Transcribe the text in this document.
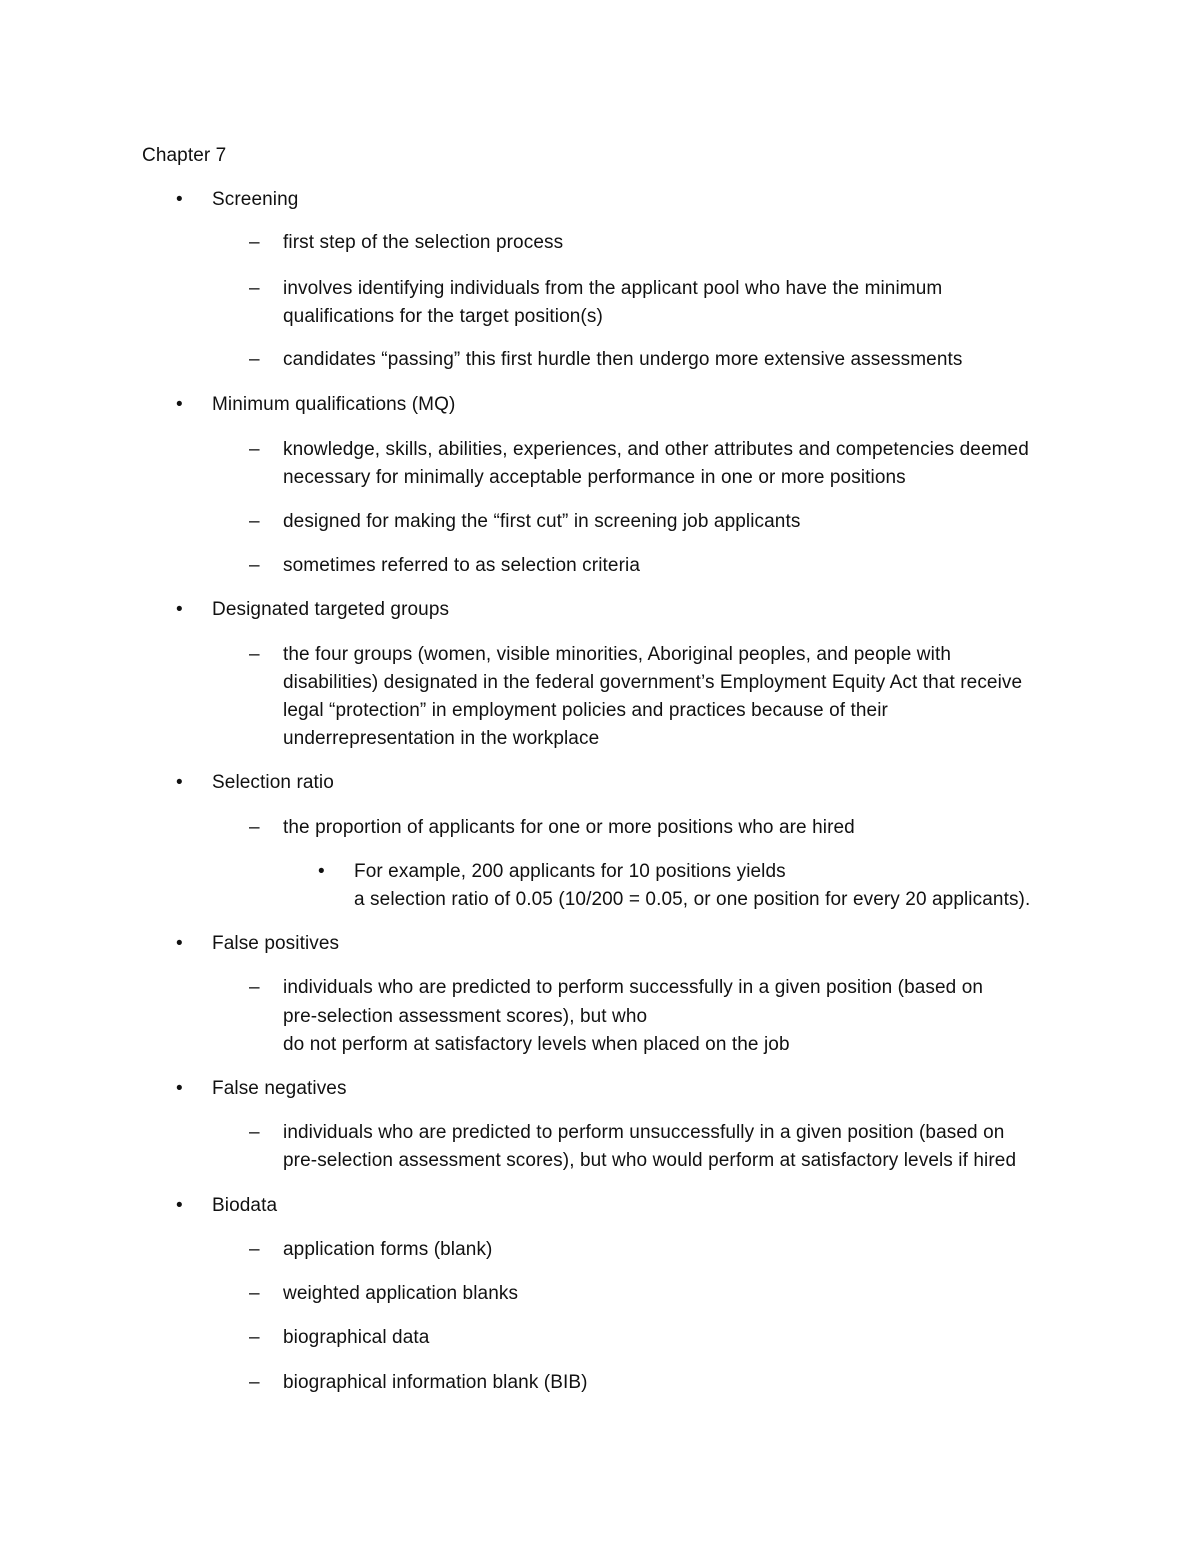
Chapter 7
• Screening
– first step of the selection process
– involves identifying individuals from the applicant pool who have the minimum
qualifications for the target position(s)
– candidates “passing” this first hurdle then undergo more extensive assessments
• Minimum qualifications (MQ)
– knowledge, skills, abilities, experiences, and other attributes and competencies deemed
necessary for minimally acceptable performance in one or more positions
– designed for making the “first cut” in screening job applicants
– sometimes referred to as selection criteria
• Designated targeted groups
– the four groups (women, visible minorities, Aboriginal peoples, and people with
disabilities) designated in the federal government’s Employment Equity Act that receive
legal “protection” in employment policies and practices because of their
underrepresentation in the workplace
• Selection ratio
– the proportion of applicants for one or more positions who are hired
• For example, 200 applicants for 10 positions yields
a selection ratio of 0.05 (10/200 = 0.05, or one position for every 20 applicants).
• False positives
– individuals who are predicted to perform successfully in a given position (based on
pre-selection assessment scores), but who
do not perform at satisfactory levels when placed on the job
• False negatives
– individuals who are predicted to perform unsuccessfully in a given position (based on
pre-selection assessment scores), but who would perform at satisfactory levels if hired
• Biodata
– application forms (blank)
– weighted application blanks
– biographical data
– biographical information blank (BIB)
